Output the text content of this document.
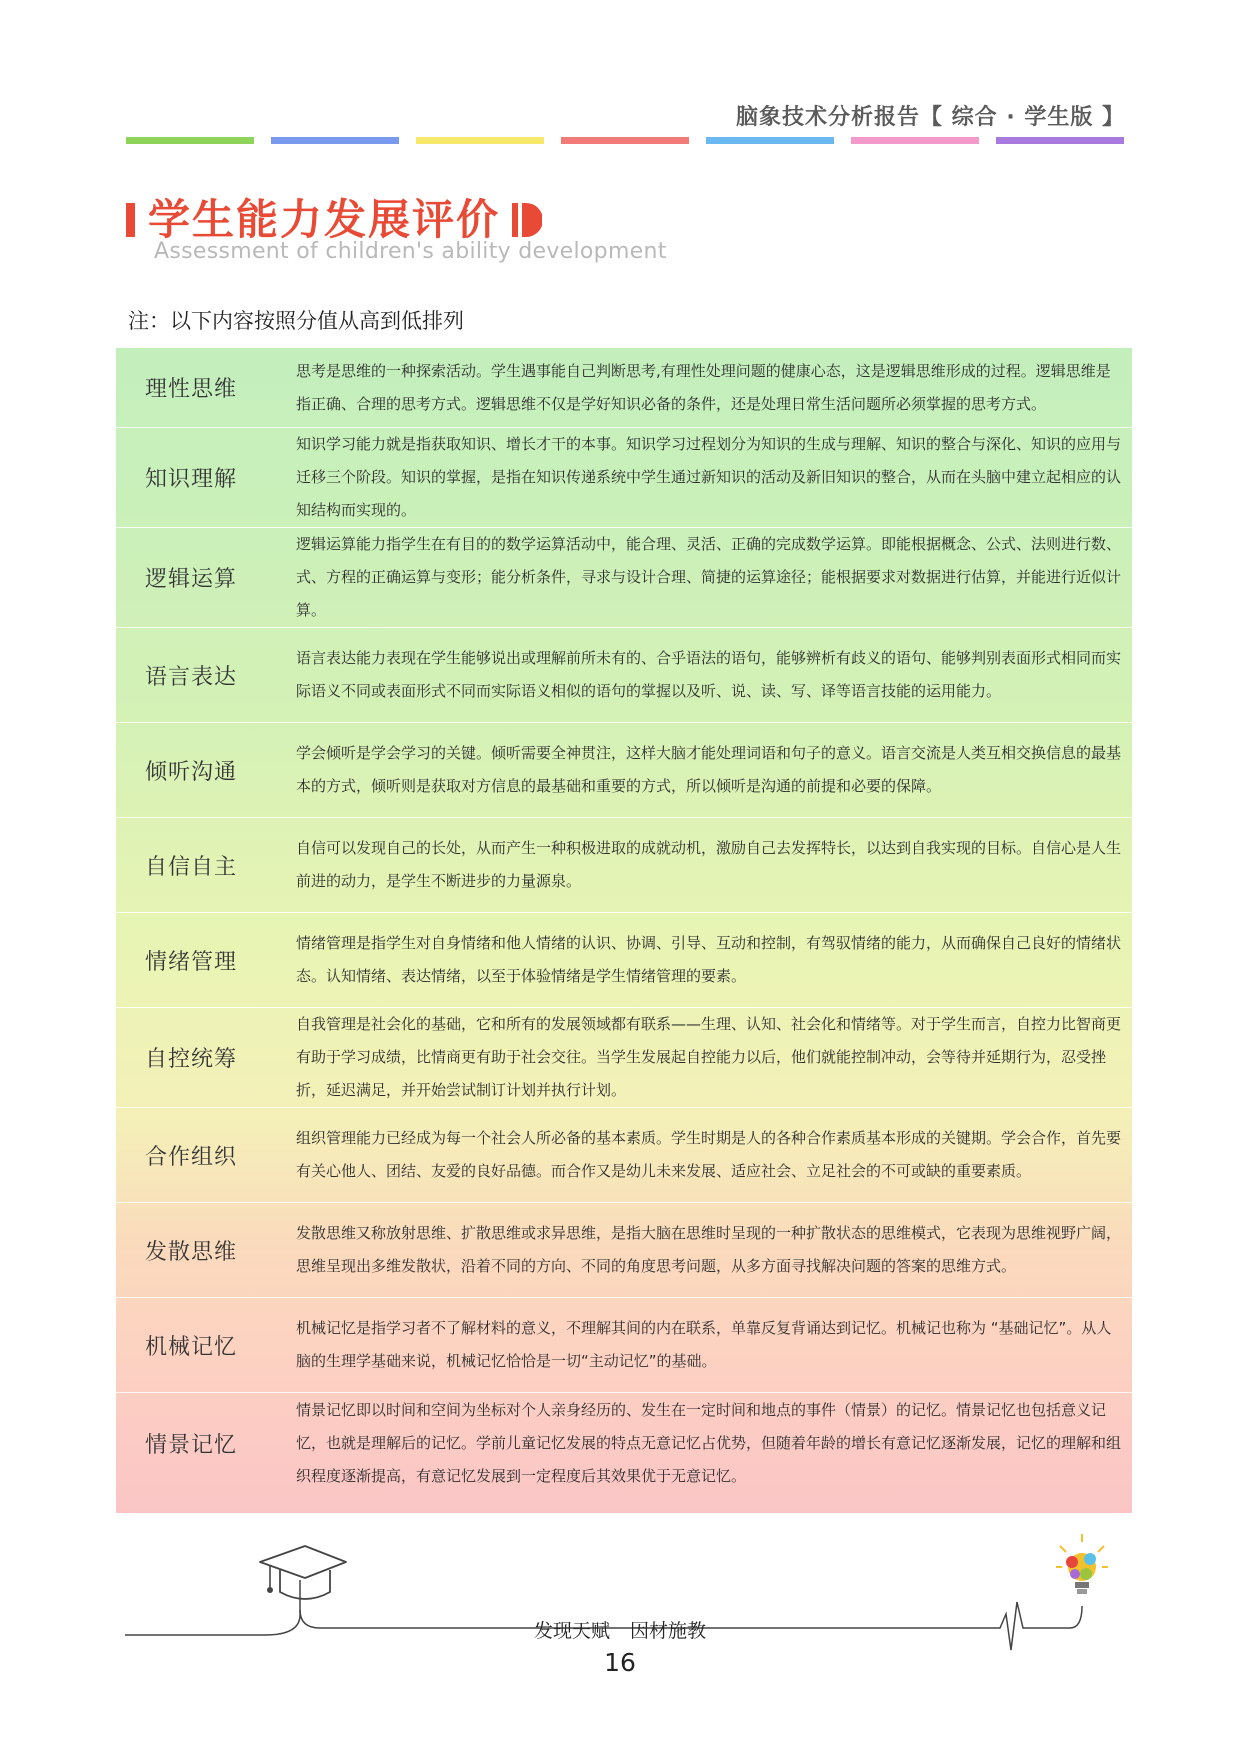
脑象技术分析报告【 综合 · 学生版 】
学生能力发展评价
Assessment of children's ability development
注：以下内容按照分值从高到低排列
理性思维
思考是思维的一种探索活动。学生遇事能自己判断思考,有理性处理问题的健康心态，这是逻辑思维形成的过程。逻辑思维是指正确、合理的思考方式。逻辑思维不仅是学好知识必备的条件，还是处理日常生活问题所必须掌握的思考方式。
知识理解
知识学习能力就是指获取知识、增长才干的本事。知识学习过程划分为知识的生成与理解、知识的整合与深化、知识的应用与迁移三个阶段。知识的掌握，是指在知识传递系统中学生通过新知识的活动及新旧知识的整合，从而在头脑中建立起相应的认知结构而实现的。
逻辑运算
逻辑运算能力指学生在有目的的数学运算活动中，能合理、灵活、正确的完成数学运算。即能根据概念、公式、法则进行数、式、方程的正确运算与变形；能分析条件，寻求与设计合理、简捷的运算途径；能根据要求对数据进行估算，并能进行近似计算。
语言表达
语言表达能力表现在学生能够说出或理解前所未有的、合乎语法的语句，能够辨析有歧义的语句、能够判别表面形式相同而实际语义不同或表面形式不同而实际语义相似的语句的掌握以及听、说、读、写、译等语言技能的运用能力。
倾听沟通
学会倾听是学会学习的关键。倾听需要全神贯注，这样大脑才能处理词语和句子的意义。语言交流是人类互相交换信息的最基本的方式，倾听则是获取对方信息的最基础和重要的方式，所以倾听是沟通的前提和必要的保障。
自信自主
自信可以发现自己的长处，从而产生一种积极进取的成就动机，激励自己去发挥特长，以达到自我实现的目标。自信心是人生前进的动力，是学生不断进步的力量源泉。
情绪管理
情绪管理是指学生对自身情绪和他人情绪的认识、协调、引导、互动和控制，有驾驭情绪的能力，从而确保自己良好的情绪状态。认知情绪、表达情绪，以至于体验情绪是学生情绪管理的要素。
自控统筹
自我管理是社会化的基础，它和所有的发展领域都有联系——生理、认知、社会化和情绪等。对于学生而言，自控力比智商更有助于学习成绩，比情商更有助于社会交往。当学生发展起自控能力以后，他们就能控制冲动，会等待并延期行为，忍受挫折，延迟满足，并开始尝试制订计划并执行计划。
合作组织
组织管理能力已经成为每一个社会人所必备的基本素质。学生时期是人的各种合作素质基本形成的关键期。学会合作，首先要有关心他人、团结、友爱的良好品德。而合作又是幼儿未来发展、适应社会、立足社会的不可或缺的重要素质。
发散思维
发散思维又称放射思维、扩散思维或求异思维，是指大脑在思维时呈现的一种扩散状态的思维模式，它表现为思维视野广阔，思维呈现出多维发散状，沿着不同的方向、不同的角度思考问题，从多方面寻找解决问题的答案的思维方式。
机械记忆
机械记忆是指学习者不了解材料的意义，不理解其间的内在联系，单靠反复背诵达到记忆。机械记也称为 “基础记忆”。从人脑的生理学基础来说，机械记忆恰恰是一切“主动记忆”的基础。
情景记忆
情景记忆即以时间和空间为坐标对个人亲身经历的、发生在一定时间和地点的事件（情景）的记忆。情景记忆也包括意义记忆，也就是理解后的记忆。学前儿童记忆发展的特点无意记忆占优势，但随着年龄的增长有意记忆逐渐发展，记忆的理解和组织程度逐渐提高，有意记忆发展到一定程度后其效果优于无意记忆。
发现天赋 因材施教
16
